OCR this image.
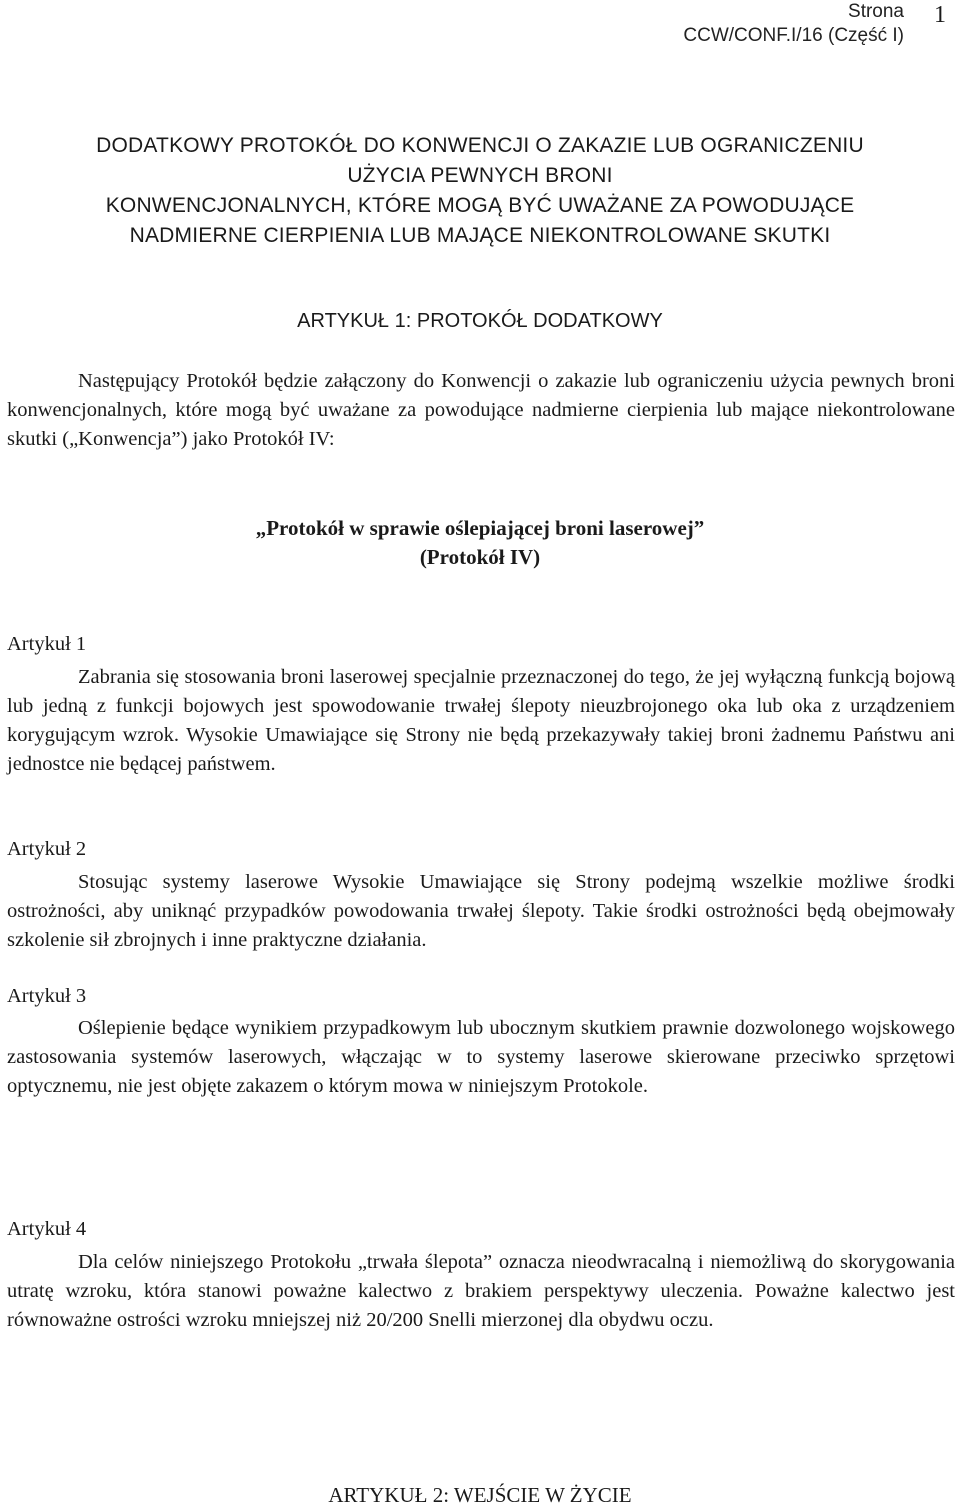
Strona
CCW/CONF.I/16 (Część I)
1
DODATKOWY PROTOKÓŁ DO KONWENCJI O ZAKAZIE LUB OGRANICZENIU
UŻYCIA PEWNYCH BRONI
KONWENCJONALNYCH, KTÓRE MOGĄ BYĆ UWAŻANE ZA POWODUJĄCE
NADMIERNE CIERPIENIA LUB MAJĄCE NIEKONTROLOWANE SKUTKI
ARTYKUŁ 1: PROTOKÓŁ DODATKOWY
Następujący Protokół będzie załączony do Konwencji o zakazie lub ograniczeniu użycia pewnych broni konwencjonalnych, które mogą być uważane za powodujące nadmierne cierpienia lub mające niekontrolowane skutki („Konwencja”) jako Protokół IV:
„Protokół w sprawie oślepiającej broni laserowej”
(Protokół IV)
Artykuł 1
Zabrania się stosowania broni laserowej specjalnie przeznaczonej do tego, że jej wyłączną funkcją bojową lub jedną z funkcji bojowych jest spowodowanie trwałej ślepoty nieuzbrojonego oka lub oka z urządzeniem korygującym wzrok. Wysokie Umawiające się Strony nie będą przekazywały takiej broni żadnemu Państwu ani jednostce nie będącej państwem.
Artykuł 2
Stosując systemy laserowe Wysokie Umawiające się Strony podejmą wszelkie możliwe środki ostrożności, aby uniknąć przypadków powodowania trwałej ślepoty. Takie środki ostrożności będą obejmowały szkolenie sił zbrojnych i inne praktyczne działania.
Artykuł 3
Oślepienie będące wynikiem przypadkowym lub ubocznym skutkiem prawnie dozwolonego wojskowego zastosowania systemów laserowych, włączając w to systemy laserowe skierowane przeciwko sprzętowi optycznemu, nie jest objęte zakazem o którym mowa w niniejszym Protokole.
Artykuł 4
Dla celów niniejszego Protokołu „trwała ślepota” oznacza nieodwracalną i niemożliwą do skorygowania utratę wzroku, która stanowi poważne kalectwo z brakiem perspektywy uleczenia. Poważne kalectwo jest równoważne ostrości wzroku mniejszej niż 20/200 Snelli mierzonej dla obydwu oczu.
ARTYKUŁ 2: WEJŚCIE W ŻYCIE
